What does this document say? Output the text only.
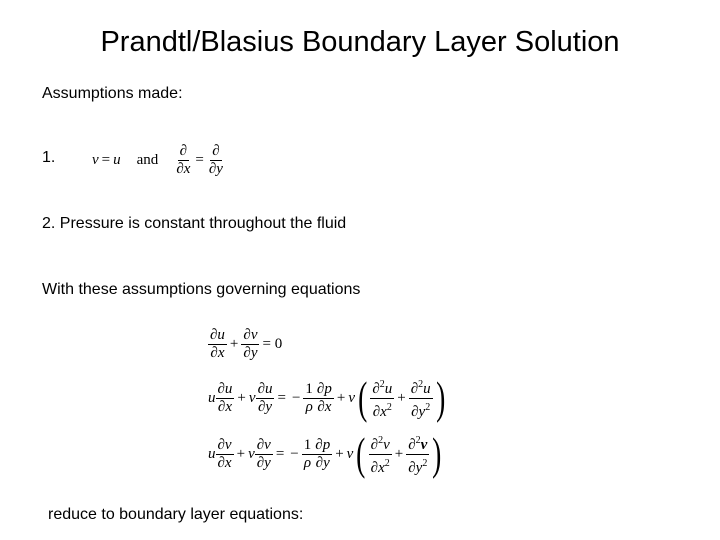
Prandtl/Blasius Boundary Layer Solution
Assumptions made:
1. v = u and $\frac{\partial}{\partial x} = \frac{\partial}{\partial y}$
2. Pressure is constant throughout the fluid
With these assumptions governing equations
$\frac{\partial u}{\partial x} + \frac{\partial v}{\partial y} = 0$
u $\frac{\partial u}{\partial x} + v \frac{\partial u}{\partial y}$ = − $\frac{1}{\rho} \frac{\partial p}{\partial x} + \nu$ ( $\frac{\partial^2u}{\partial x^2} + \frac{\partial^2u}{\partial y^2}$ )
u $\frac{\partial v}{\partial x} + v \frac{\partial v}{\partial y}$ = − $\frac{1}{\rho} \frac{\partial p}{\partial y} + \nu$ ( $\frac{\partial^2v}{\partial x^2} + \frac{\partial^2v}{\partial y^2}$ )
reduce to boundary layer equations:
